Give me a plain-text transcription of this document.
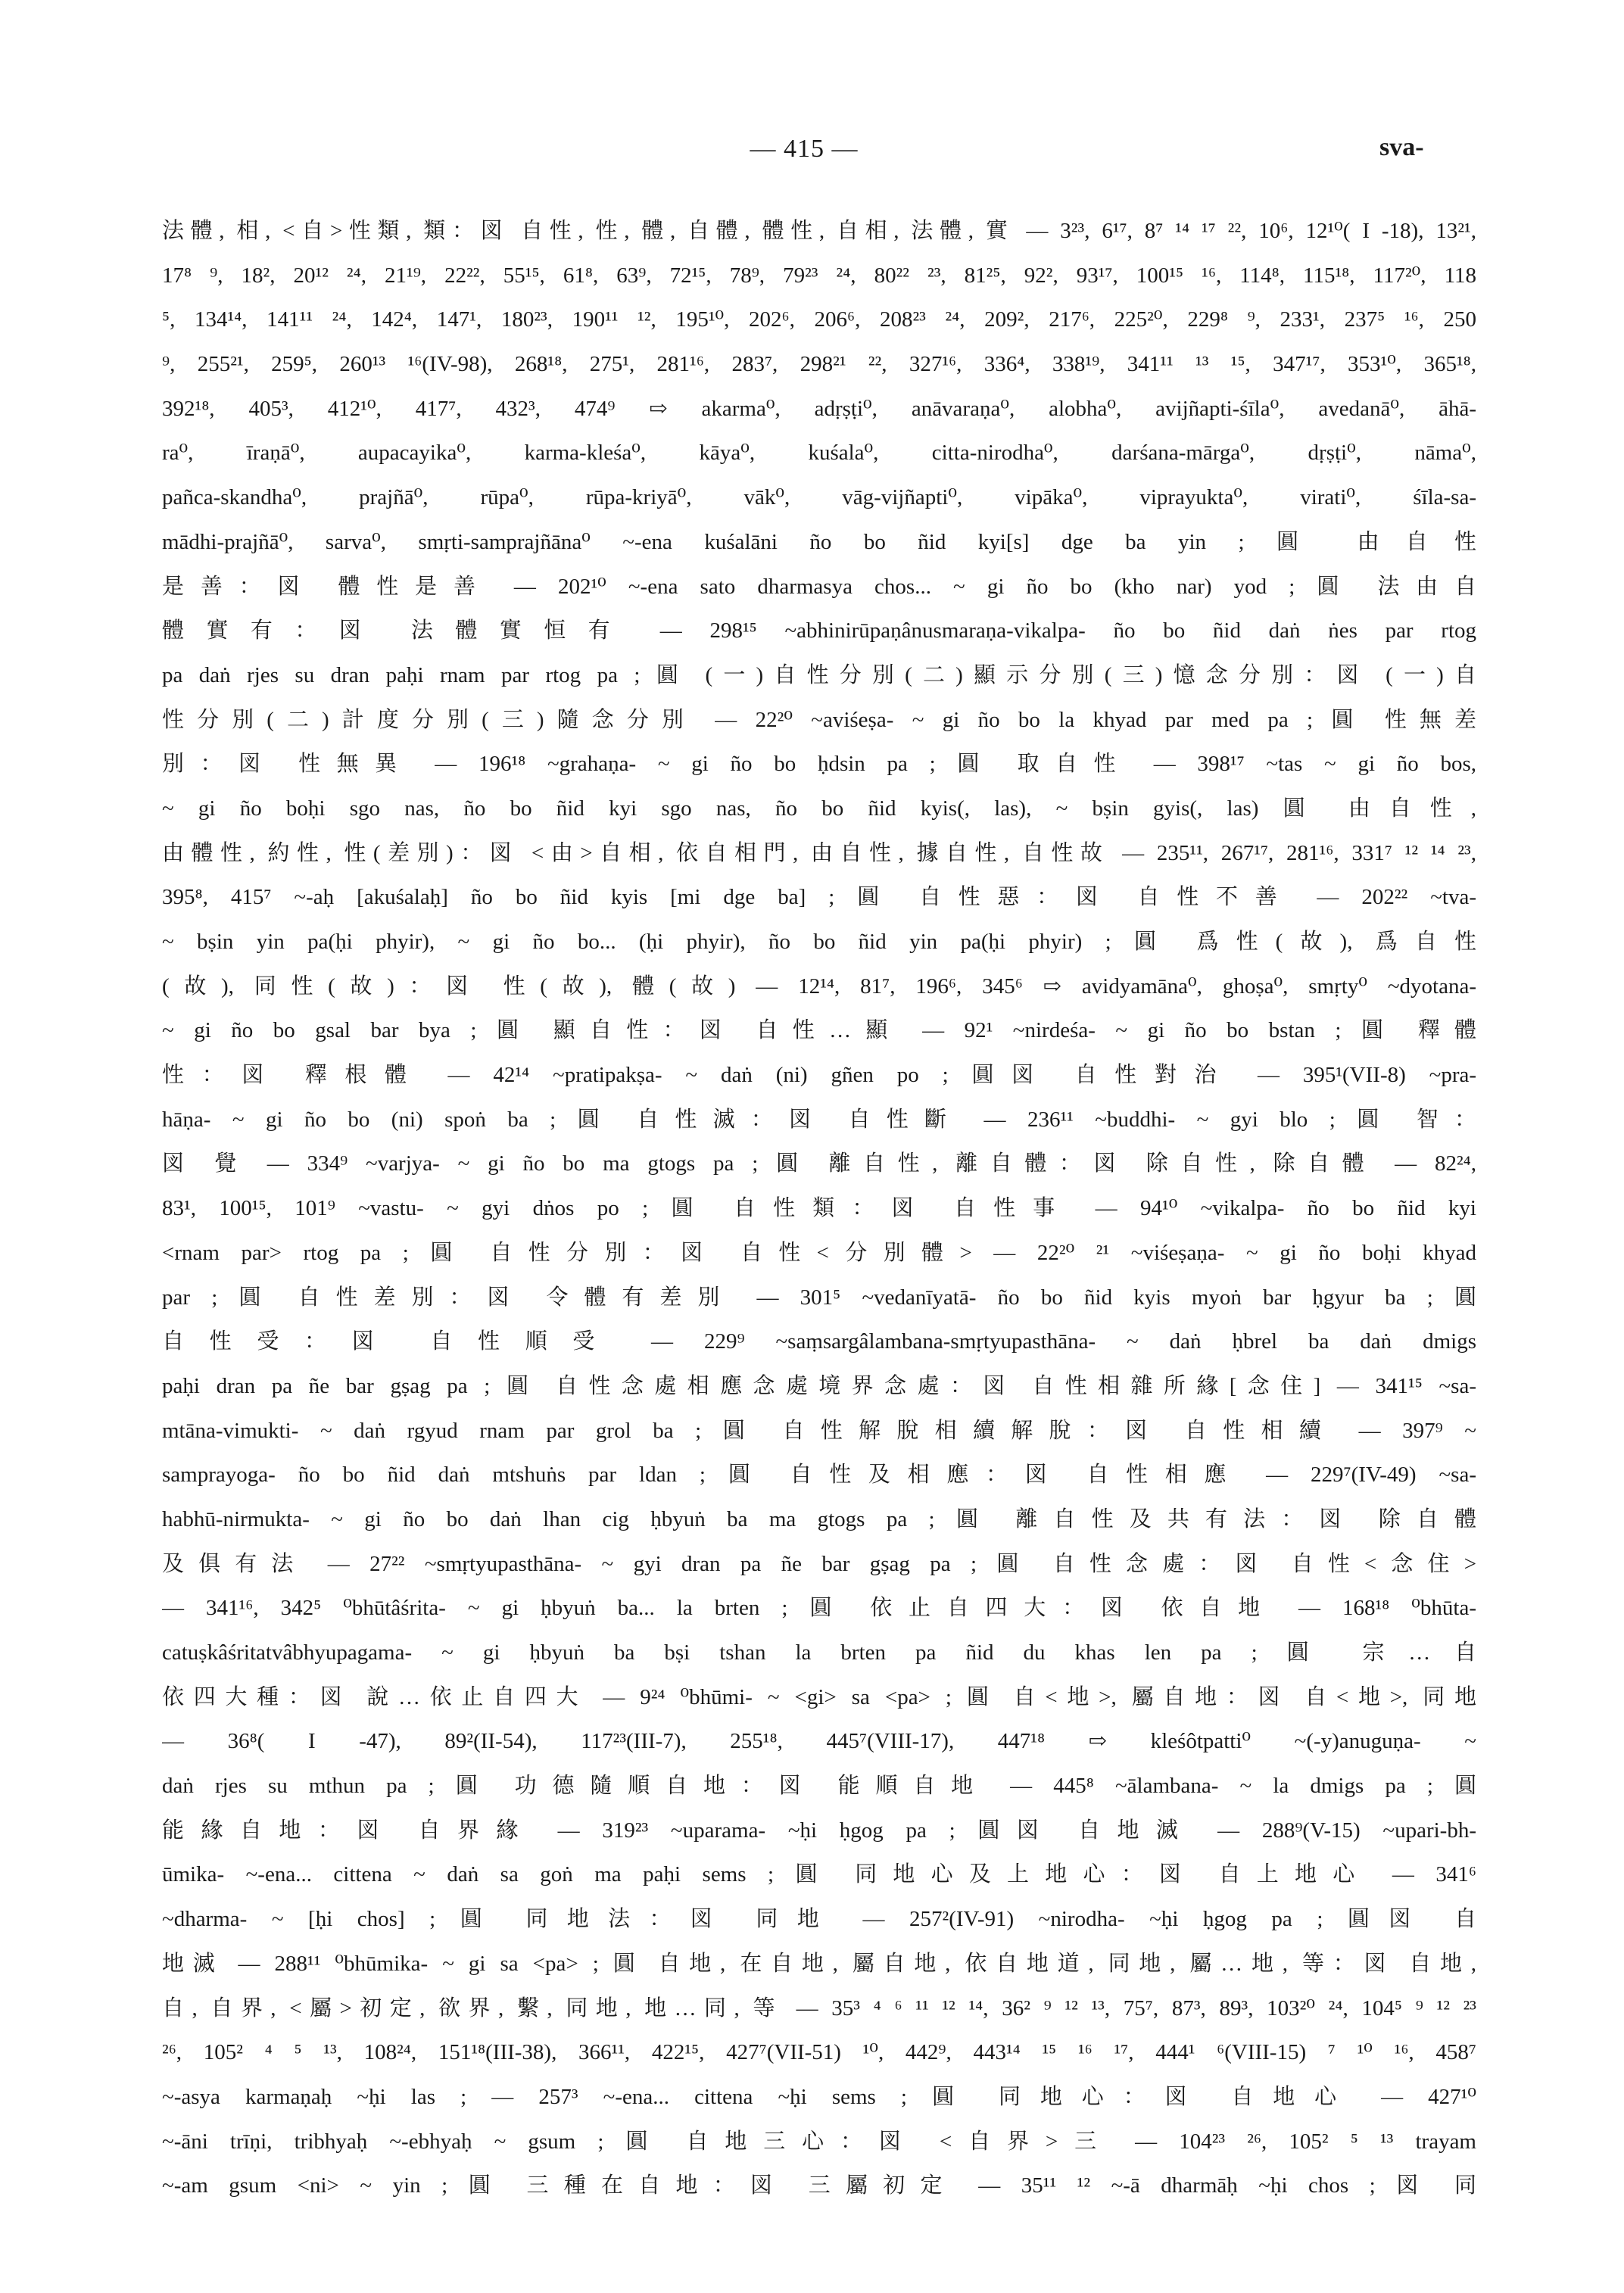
— 415 —	sva-
法體, 相, <自>性類, 類：図 自性, 性, 體, 自體, 體性, 自相, 法體, 實 — 3²³, 6¹⁷, 8⁷ ¹⁴ ¹⁷ ²², 10⁶, 12¹⁰( I -18), 13²¹,
17⁸ ⁹, 18², 20¹² ²⁴, 21¹⁹, 22²², 55¹⁵, 61⁸, 63⁹, 72¹⁵, 78⁹, 79²³ ²⁴, 80²² ²³, 81²⁵, 92², 93¹⁷, 100¹⁵ ¹⁶, 114⁸, 115¹⁸, 117²⁰, 118
⁵, 134¹⁴, 141¹¹ ²⁴, 142⁴, 147¹, 180²³, 190¹¹ ¹², 195¹⁰, 202⁶, 206⁶, 208²³ ²⁴, 209², 217⁶, 225²⁰, 229⁸ ⁹, 233¹, 237⁵ ¹⁶, 250
⁹, 255²¹, 259⁵, 260¹³ ¹⁶(IV-98), 268¹⁸, 275¹, 281¹⁶, 283⁷, 298²¹ ²², 327¹⁶, 336⁴, 338¹⁹, 341¹¹ ¹³ ¹⁵, 347¹⁷, 353¹⁰, 365¹⁸,
392¹⁸, 405³, 412¹⁰, 417⁷, 432³, 474⁹ ⇨ akarma⁰, adṛṣṭi⁰, anāvaraṇa⁰, alobha⁰, avijñapti-śīla⁰, avedanā⁰, āhā-
ra⁰, īraṇā⁰, aupacayika⁰, karma-kleśa⁰, kāya⁰, kuśala⁰, citta-nirodha⁰, darśana-mārga⁰, dṛṣṭi⁰, nāma⁰,
pañca-skandha⁰, prajñā⁰, rūpa⁰, rūpa-kriyā⁰, vāk⁰, vāg-vijñapti⁰, vipāka⁰, viprayukta⁰, virati⁰, śīla-sa-
mādhi-prajñā⁰, sarva⁰, smṛti-samprajñāna⁰ ~-ena kuśalāni ño bo ñid kyi[s] dge ba yin ; 圓 由自性
是善：図 體性是善 — 202¹⁰ ~-ena sato dharmasya chos... ~ gi ño bo (kho nar) yod ; 圓 法由自
體實有：図 法體實恒有 — 298¹⁵ ~abhinirūpaṇânusmaraṇa-vikalpa- ño bo ñid daṅ ṅes par rtog
pa daṅ rjes su dran paḥi rnam par rtog pa ; 圓 (一)自性分別(二)顯示分別(三)憶念分別：図 (一)自
性分別(二)計度分別(三)隨念分別 — 22²⁰ ~aviśeṣa- ~ gi ño bo la khyad par med pa ; 圓 性無差
別：図 性無異 — 196¹⁸ ~grahaṇa- ~ gi ño bo ḥdsin pa ; 圓 取自性 — 398¹⁷ ~tas ~ gi ño bos,
~ gi ño boḥi sgo nas, ño bo ñid kyi sgo nas, ño bo ñid kyis(, las), ~ bṣin gyis(, las) 圓 由自性,
由體性, 約性, 性(差別)：図 <由>自相, 依自相門, 由自性, 據自性, 自性故 — 235¹¹, 267¹⁷, 281¹⁶, 331⁷ ¹² ¹⁴ ²³,
395⁸, 415⁷ ~-aḥ [akuśalaḥ] ño bo ñid kyis [mi dge ba] ; 圓 自性惡：図 自性不善 — 202²² ~tva-
~ bṣin yin pa(ḥi phyir), ~ gi ño bo... (ḥi phyir), ño bo ñid yin pa(ḥi phyir) ; 圓 爲性(故), 爲自性
(故), 同性(故)：図 性(故), 體(故) — 12¹⁴, 81⁷, 196⁶, 345⁶ ⇨ avidyamāna⁰, ghoṣa⁰, smṛty⁰ ~dyotana-
~ gi ño bo gsal bar bya ; 圓 顯自性：図 自性…顯 — 92¹ ~nirdeśa- ~ gi ño bo bstan ; 圓 釋體
性：図 釋根體 — 42¹⁴ ~pratipakṣa- ~ daṅ (ni) gñen po ; 圓図 自性對治 — 395¹(VII-8) ~pra-
hāṇa- ~ gi ño bo (ni) spoṅ ba ; 圓 自性滅：図 自性斷 — 236¹¹ ~buddhi- ~ gyi blo ; 圓 智：
図 覺 — 334⁹ ~varjya- ~ gi ño bo ma gtogs pa ; 圓 離自性, 離自體：図 除自性, 除自體 — 82²⁴,
83¹, 100¹⁵, 101⁹ ~vastu- ~ gyi dṅos po ; 圓 自性類：図 自性事 — 94¹⁰ ~vikalpa- ño bo ñid kyi
<rnam par> rtog pa ; 圓 自性分別：図 自性<分別體> — 22²⁰ ²¹ ~viśeṣaṇa- ~ gi ño boḥi khyad
par ; 圓 自性差別：図 令體有差別 — 301⁵ ~vedanīyatā- ño bo ñid kyis myoṅ bar ḥgyur ba ; 圓
自性受：図 自性順受 — 229⁹ ~saṃsargâlambana-smṛtyupasthāna- ~ daṅ ḥbrel ba daṅ dmigs
paḥi dran pa ñe bar gṣag pa ; 圓 自性念處相應念處境界念處：図 自性相雜所緣[念住] — 341¹⁵ ~sa-
mtāna-vimukti- ~ daṅ rgyud rnam par grol ba ; 圓 自性解脫相續解脫：図 自性相續 — 397⁹ ~
samprayoga- ño bo ñid daṅ mtshuṅs par ldan ; 圓 自性及相應：図 自性相應 — 229⁷(IV-49) ~sa-
habhū-nirmukta- ~ gi ño bo daṅ lhan cig ḥbyuṅ ba ma gtogs pa ; 圓 離自性及共有法：図 除自體
及俱有法 — 27²² ~smṛtyupasthāna- ~ gyi dran pa ñe bar gṣag pa ; 圓 自性念處：図 自性<念住>
— 341¹⁶, 342⁵ ⁰bhūtâśrita- ~ gi ḥbyuṅ ba... la brten ; 圓 依止自四大：図 依自地 — 168¹⁸ ⁰bhūta-
catuṣkâśritatvâbhyupagama- ~ gi ḥbyuṅ ba bṣi tshan la brten pa ñid du khas len pa ; 圓 宗…自
依四大種：図 說…依止自四大 — 9²⁴ ⁰bhūmi- ~ <gi> sa <pa> ; 圓 自<地>, 屬自地：図 自<地>, 同地
— 36⁸( I -47), 89²(II-54), 117²³(III-7), 255¹⁸, 445⁷(VIII-17), 447¹⁸ ⇨ kleśôtpatti⁰ ~(-y)anuguṇa- ~
daṅ rjes su mthun pa ; 圓 功德隨順自地：図 能順自地 — 445⁸ ~ālambana- ~ la dmigs pa ; 圓
能緣自地：図 自界緣 — 319²³ ~uparama- ~ḥi ḥgog pa ; 圓図 自地滅 — 288⁹(V-15) ~upari-bh-
ūmika- ~-ena... cittena ~ daṅ sa goṅ ma paḥi sems ; 圓 同地心及上地心：図 自上地心 — 341⁶
~dharma- ~ [ḥi chos] ; 圓 同地法：図 同地 — 257²(IV-91) ~nirodha- ~ḥi ḥgog pa ; 圓図 自
地滅 — 288¹¹ ⁰bhūmika- ~ gi sa <pa> ; 圓 自地, 在自地, 屬自地, 依自地道, 同地, 屬…地, 等：図 自地,
自, 自界, <屬>初定, 欲界, 繫, 同地, 地…同, 等 — 35³ ⁴ ⁶ ¹¹ ¹² ¹⁴, 36² ⁹ ¹² ¹³, 75⁷, 87³, 89³, 103²⁰ ²⁴, 104⁵ ⁹ ¹² ²³
²⁶, 105² ⁴ ⁵ ¹³, 108²⁴, 151¹⁸(III-38), 366¹¹, 422¹⁵, 427⁷(VII-51) ¹⁰, 442⁹, 443¹⁴ ¹⁵ ¹⁶ ¹⁷, 444¹ ⁶(VIII-15) ⁷ ¹⁰ ¹⁶, 458⁷
~-asya karmaṇaḥ ~ḥi las ; — 257³ ~-ena... cittena ~ḥi sems ; 圓 同地心：図 自地心 — 427¹⁰
~-āni trīṇi, tribhyaḥ ~-ebhyaḥ ~ gsum ; 圓 自地三心：図 <自界>三 — 104²³ ²⁶, 105² ⁵ ¹³ trayam
~-am gsum <ni> ~ yin ; 圓 三種在自地：図 三屬初定 — 35¹¹ ¹² ~-ā dharmāḥ ~ḥi chos ; 図 同
